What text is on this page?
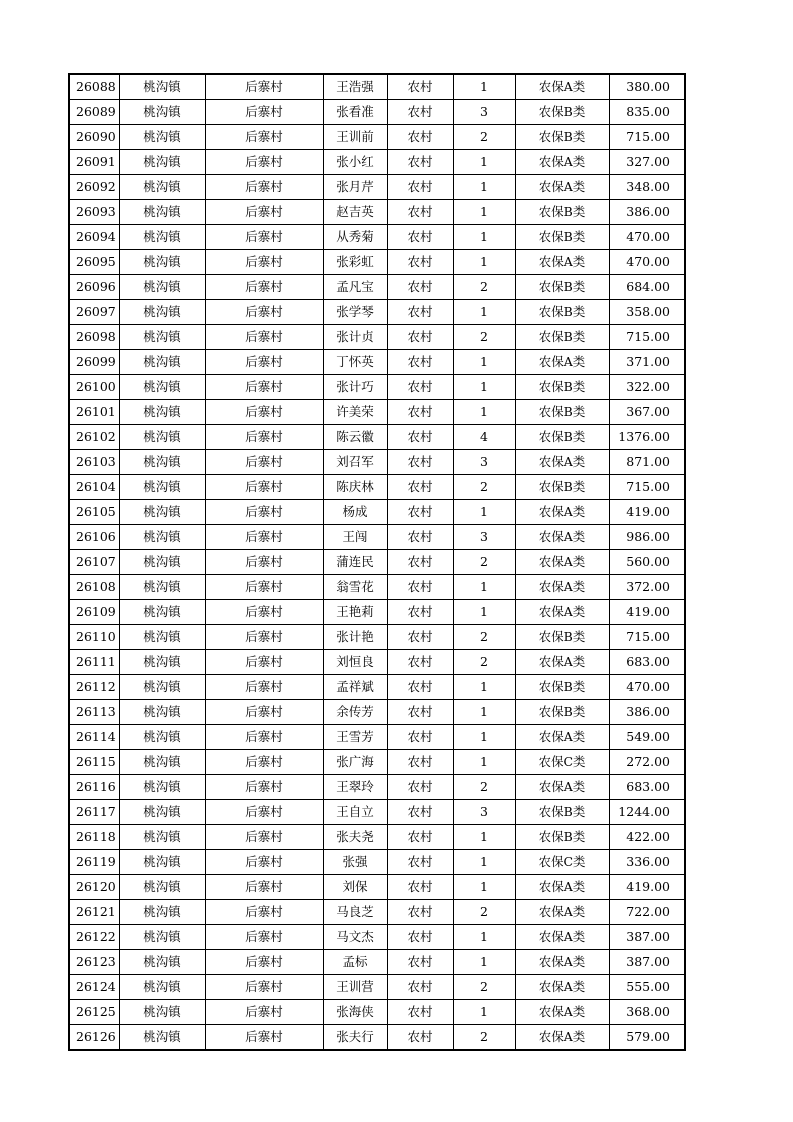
26088	桃沟镇	后寨村	王浩强	农村	1	农保A类	380.00
26089	桃沟镇	后寨村	张看准	农村	3	农保B类	835.00
26090	桃沟镇	后寨村	王训前	农村	2	农保B类	715.00
26091	桃沟镇	后寨村	张小红	农村	1	农保A类	327.00
26092	桃沟镇	后寨村	张月芹	农村	1	农保A类	348.00
26093	桃沟镇	后寨村	赵吉英	农村	1	农保B类	386.00
26094	桃沟镇	后寨村	从秀菊	农村	1	农保B类	470.00
26095	桃沟镇	后寨村	张彩虹	农村	1	农保A类	470.00
26096	桃沟镇	后寨村	孟凡宝	农村	2	农保B类	684.00
26097	桃沟镇	后寨村	张学琴	农村	1	农保B类	358.00
26098	桃沟镇	后寨村	张计贞	农村	2	农保B类	715.00
26099	桃沟镇	后寨村	丁怀英	农村	1	农保A类	371.00
26100	桃沟镇	后寨村	张计巧	农村	1	农保B类	322.00
26101	桃沟镇	后寨村	许美荣	农村	1	农保B类	367.00
26102	桃沟镇	后寨村	陈云徽	农村	4	农保B类	1376.00
26103	桃沟镇	后寨村	刘召军	农村	3	农保A类	871.00
26104	桃沟镇	后寨村	陈庆林	农村	2	农保B类	715.00
26105	桃沟镇	后寨村	杨成	农村	1	农保A类	419.00
26106	桃沟镇	后寨村	王闯	农村	3	农保A类	986.00
26107	桃沟镇	后寨村	蒲连民	农村	2	农保A类	560.00
26108	桃沟镇	后寨村	翁雪花	农村	1	农保A类	372.00
26109	桃沟镇	后寨村	王艳莉	农村	1	农保A类	419.00
26110	桃沟镇	后寨村	张计艳	农村	2	农保B类	715.00
26111	桃沟镇	后寨村	刘恒良	农村	2	农保A类	683.00
26112	桃沟镇	后寨村	孟祥斌	农村	1	农保B类	470.00
26113	桃沟镇	后寨村	余传芳	农村	1	农保B类	386.00
26114	桃沟镇	后寨村	王雪芳	农村	1	农保A类	549.00
26115	桃沟镇	后寨村	张广海	农村	1	农保C类	272.00
26116	桃沟镇	后寨村	王翠玲	农村	2	农保A类	683.00
26117	桃沟镇	后寨村	王自立	农村	3	农保B类	1244.00
26118	桃沟镇	后寨村	张夫尧	农村	1	农保B类	422.00
26119	桃沟镇	后寨村	张强	农村	1	农保C类	336.00
26120	桃沟镇	后寨村	刘保	农村	1	农保A类	419.00
26121	桃沟镇	后寨村	马良芝	农村	2	农保A类	722.00
26122	桃沟镇	后寨村	马文杰	农村	1	农保A类	387.00
26123	桃沟镇	后寨村	孟标	农村	1	农保A类	387.00
26124	桃沟镇	后寨村	王训营	农村	2	农保A类	555.00
26125	桃沟镇	后寨村	张海侠	农村	1	农保A类	368.00
26126	桃沟镇	后寨村	张夫行	农村	2	农保A类	579.00
